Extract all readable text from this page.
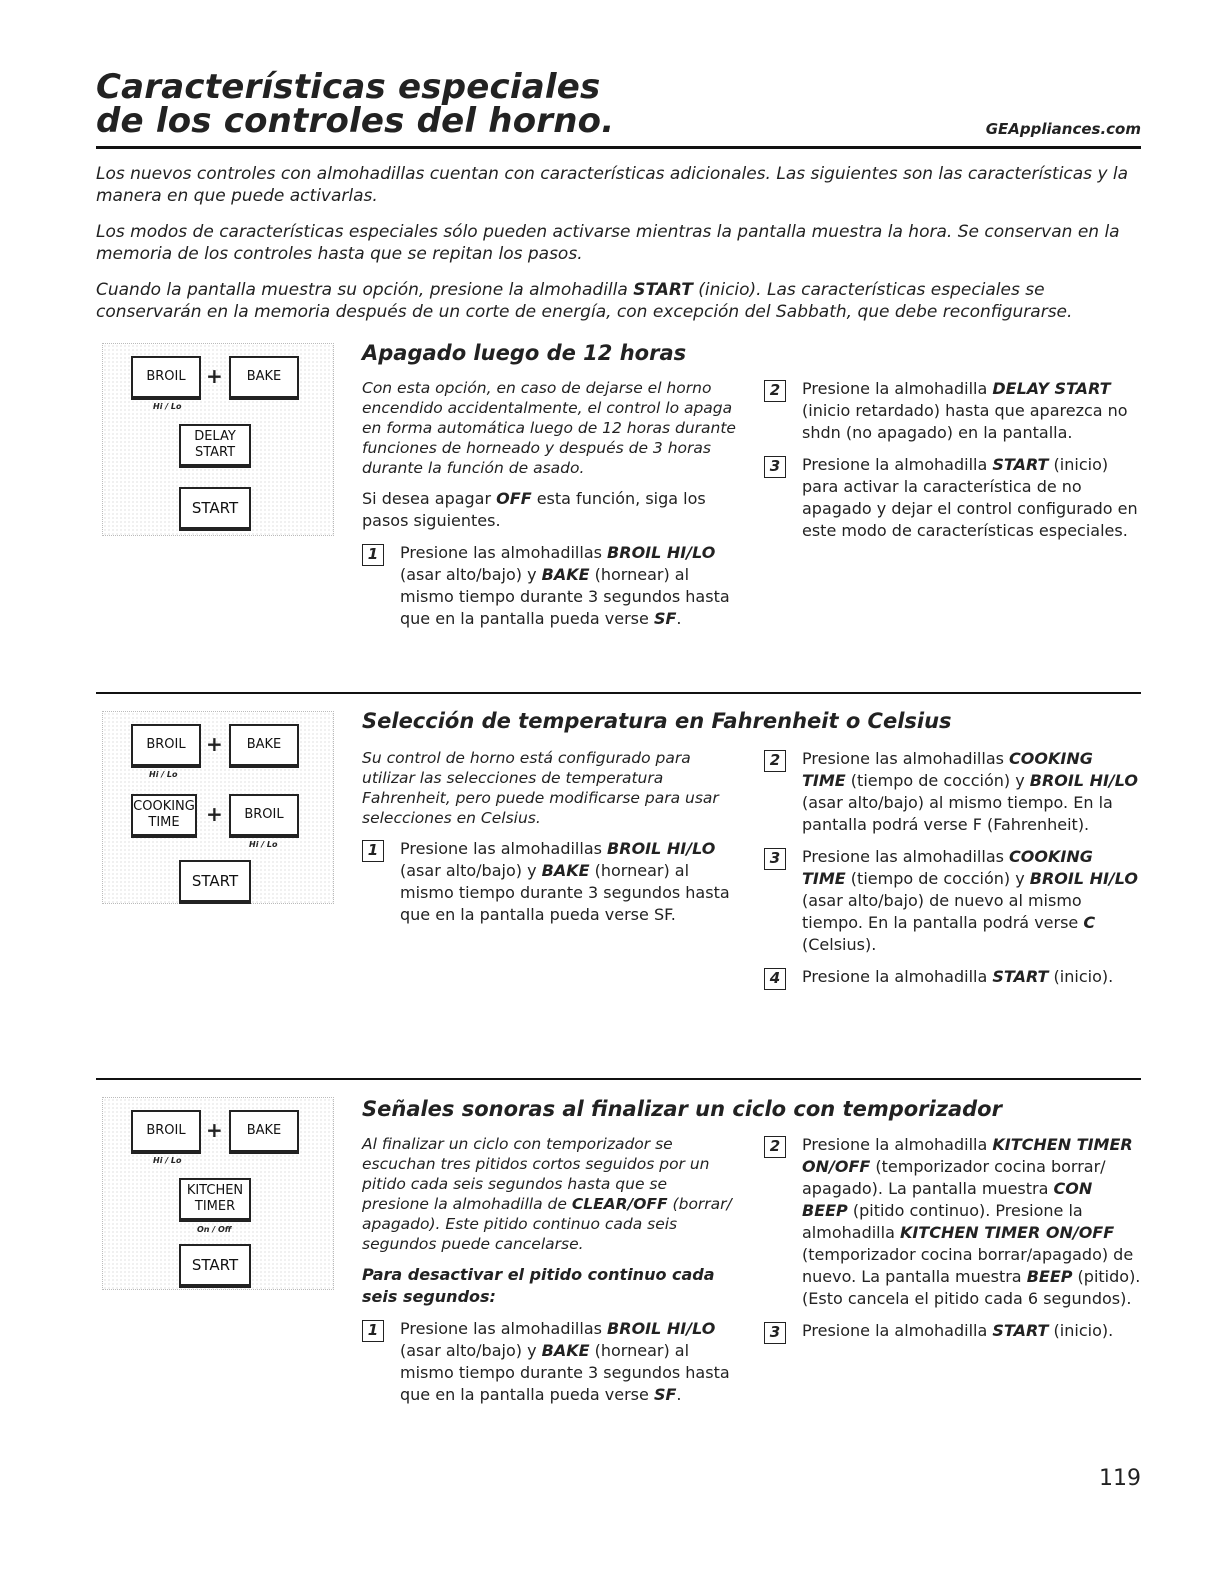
Características especiales
de los controles del horno.	GEAppliances.com
Los nuevos controles con almohadillas cuentan con características adicionales. Las siguientes son las características y la manera en que puede activarlas.
Los modos de características especiales sólo pueden activarse mientras la pantalla muestra la hora. Se conservan en la memoria de los controles hasta que se repitan los pasos.
Cuando la pantalla muestra su opción, presione la almohadilla START (inicio). Las características especiales se conservarán en la memoria después de un corte de energía, con excepción del Sabbath, que debe reconfigurarse.
BROIL
Hi / Lo
+	BAKE
DELAY START
START
Apagado luego de 12 horas

Con esta opción, en caso de dejarse el horno encendido accidentalmente, el control lo apaga en forma automática luego de 12 horas durante funciones de horneado y después de 3 horas durante la función de asado.

Si desea apagar OFF esta función, siga los pasos siguientes.

1	Presione las almohadillas BROIL HI/LO (asar alto/bajo) y BAKE (hornear) al mismo tiempo durante 3 segundos hasta que en la pantalla pueda verse SF.
2	Presione la almohadilla DELAY START (inicio retardado) hasta que aparezca no shdn (no apagado) en la pantalla.
3	Presione la almohadilla START (inicio) para activar la característica de no apagado y dejar el control configurado en este modo de características especiales.
BROIL
Hi / Lo
+	BAKE
COOKING TIME	+	BROIL
Hi / Lo
START
Selección de temperatura en Fahrenheit o Celsius

Su control de horno está configurado para utilizar las selecciones de temperatura Fahrenheit, pero puede modificarse para usar selecciones en Celsius.

1	Presione las almohadillas BROIL HI/LO (asar alto/bajo) y BAKE (hornear) al mismo tiempo durante 3 segundos hasta que en la pantalla pueda verse SF.
2	Presione las almohadillas COOKING TIME (tiempo de cocción) y BROIL HI/LO (asar alto/bajo) al mismo tiempo. En la pantalla podrá verse F (Fahrenheit).
3	Presione las almohadillas COOKING TIME (tiempo de cocción) y BROIL HI/LO (asar alto/bajo) de nuevo al mismo tiempo. En la pantalla podrá verse C (Celsius).
4	Presione la almohadilla START (inicio).
BROIL
Hi / Lo
+	BAKE
KITCHEN TIMER
On / Off
START
Señales sonoras al finalizar un ciclo con temporizador

Al finalizar un ciclo con temporizador se escuchan tres pitidos cortos seguidos por un pitido cada seis segundos hasta que se presione la almohadilla de CLEAR/OFF (borrar/ apagado). Este pitido continuo cada seis segundos puede cancelarse.

Para desactivar el pitido continuo cada seis segundos:

1	Presione las almohadillas BROIL HI/LO (asar alto/bajo) y BAKE (hornear) al mismo tiempo durante 3 segundos hasta que en la pantalla pueda verse SF.
2	Presione la almohadilla KITCHEN TIMER ON/OFF (temporizador cocina borrar/ apagado). La pantalla muestra CON BEEP (pitido continuo). Presione la almohadilla KITCHEN TIMER ON/OFF (temporizador cocina borrar/apagado) de nuevo. La pantalla muestra BEEP (pitido). (Esto cancela el pitido cada 6 segundos).
3	Presione la almohadilla START (inicio).
119
